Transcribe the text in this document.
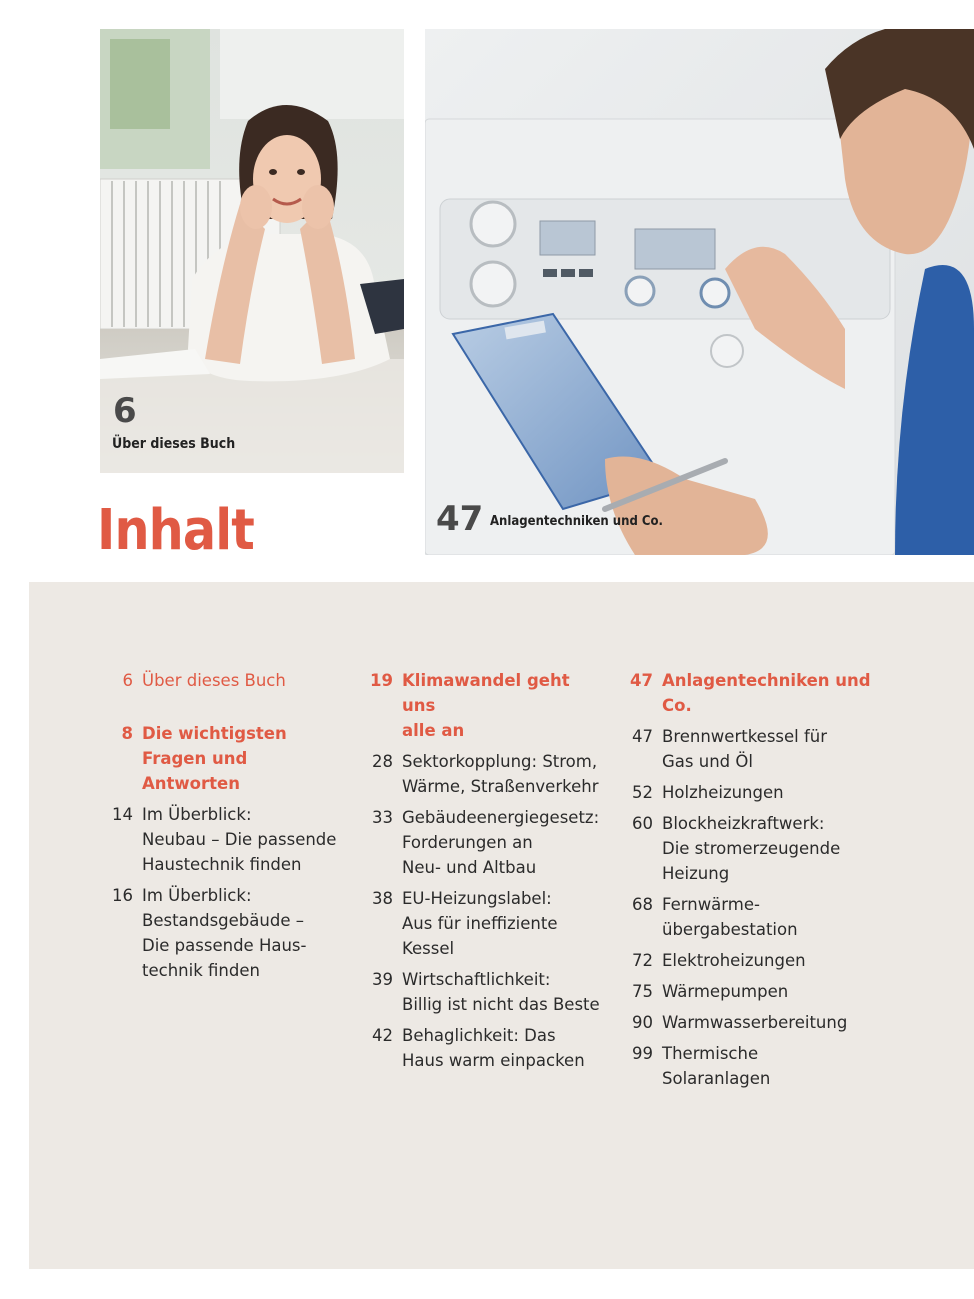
6
Über dieses Buch
47 Anlagentechniken und Co.
Inhalt
6 Über dieses Buch
8 Die wichtigsten
Fragen und Antworten
14 Im Überblick:
Neubau – Die passende
Haustechnik finden
16 Im Überblick:
Bestandsgebäude –
Die passende Haus-
technik finden
19 Klimawandel geht uns
alle an
28 Sektorkopplung: Strom,
Wärme, Straßenverkehr
33 Gebäudeenergiegesetz:
Forderungen an
Neu- und Altbau
38 EU-Heizungslabel:
Aus für ineffiziente
Kessel
39 Wirtschaftlichkeit:
Billig ist nicht das Beste
42 Behaglichkeit: Das
Haus warm einpacken
47 Anlagentechniken und
Co.
47 Brennwertkessel für
Gas und Öl
52 Holzheizungen
60 Blockheizkraftwerk:
Die stromerzeugende
Heizung
68 Fernwärme-
übergabestation
72 Elektroheizungen
75 Wärmepumpen
90 Warmwasserbereitung
99 Thermische
Solaranlagen
